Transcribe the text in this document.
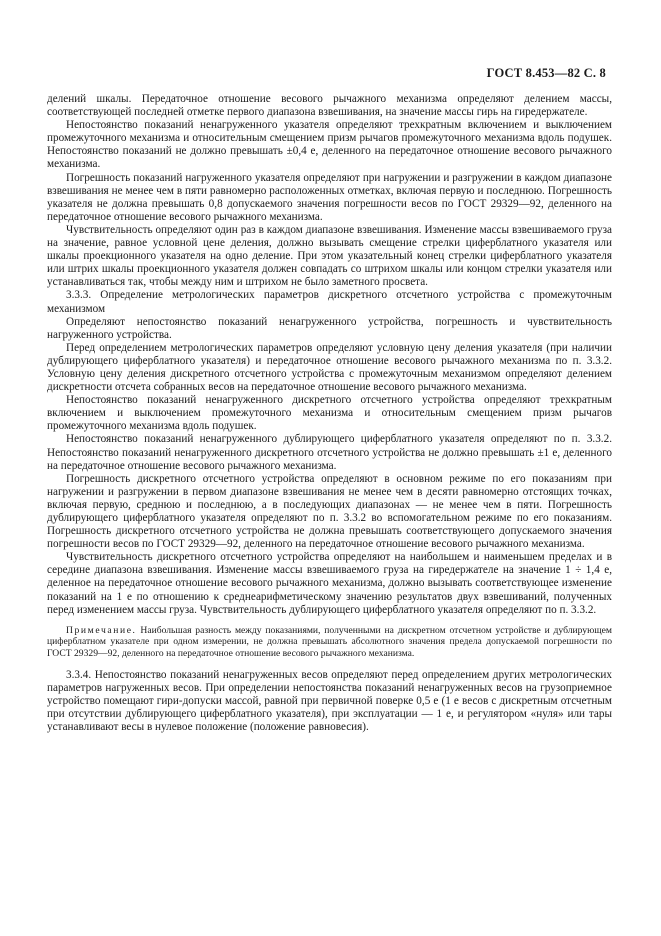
ГОСТ 8.453—82 С. 8

делений шкалы. Передаточное отношение весового рычажного механизма определяют делением массы, соответствующей последней отметке первого диапазона взвешивания, на значение массы гирь на гиредержателе.

Непостоянство показаний ненагруженного указателя определяют трехкратным включением и выключением промежуточного механизма и относительным смещением призм рычагов промежуточного механизма вдоль подушек. Непостоянство показаний не должно превышать ±0,4 е, деленного на передаточное отношение весового рычажного механизма.

Погрешность показаний нагруженного указателя определяют при нагружении и разгружении в каждом диапазоне взвешивания не менее чем в пяти равномерно расположенных отметках, включая первую и последнюю. Погрешность указателя не должна превышать 0,8 допускаемого значения погрешности весов по ГОСТ 29329—92, деленного на передаточное отношение весового рычажного механизма.

Чувствительность определяют один раз в каждом диапазоне взвешивания. Изменение массы взвешиваемого груза на значение, равное условной цене деления, должно вызывать смещение стрелки циферблатного указателя или шкалы проекционного указателя на одно деление. При этом указательный конец стрелки циферблатного указателя или штрих шкалы проекционного указателя должен совпадать со штрихом шкалы или концом стрелки указателя или устанавливаться так, чтобы между ним и штрихом не было заметного просвета.

3.3.3. Определение метрологических параметров дискретного отсчетного устройства с промежуточным механизмом

Определяют непостоянство показаний ненагруженного устройства, погрешность и чувствительность нагруженного устройства.

Перед определением метрологических параметров определяют условную цену деления указателя (при наличии дублирующего циферблатного указателя) и передаточное отношение весового рычажного механизма по п. 3.3.2. Условную цену деления дискретного отсчетного устройства с промежуточным механизмом определяют делением дискретности отсчета собранных весов на передаточное отношение весового рычажного механизма.

Непостоянство показаний ненагруженного дискретного отсчетного устройства определяют трехкратным включением и выключением промежуточного механизма и относительным смещением призм рычагов промежуточного механизма вдоль подушек.

Непостоянство показаний ненагруженного дублирующего циферблатного указателя определяют по п. 3.3.2. Непостоянство показаний ненагруженного дискретного отсчетного устройства не должно превышать ±1 е, деленного на передаточное отношение весового рычажного механизма.

Погрешность дискретного отсчетного устройства определяют в основном режиме по его показаниям при нагружении и разгружении в первом диапазоне взвешивания не менее чем в десяти равномерно отстоящих точках, включая первую, среднюю и последнюю, а в последующих диапазонах — не менее чем в пяти. Погрешность дублирующего циферблатного указателя определяют по п. 3.3.2 во вспомогательном режиме по его показаниям. Погрешность дискретного отсчетного устройства не должна превышать соответствующего допускаемого значения погрешности весов по ГОСТ 29329—92, деленного на передаточное отношение весового рычажного механизма.

Чувствительность дискретного отсчетного устройства определяют на наибольшем и наименьшем пределах и в середине диапазона взвешивания. Изменение массы взвешиваемого груза на гиредержателе на значение 1 ÷ 1,4 е, деленное на передаточное отношение весового рычажного механизма, должно вызывать соответствующее изменение показаний на 1 е по отношению к среднеарифметическому значению результатов двух взвешиваний, полученных перед изменением массы груза. Чувствительность дублирующего циферблатного указателя определяют по п. 3.3.2.

Примечание. Наибольшая разность между показаниями, полученными на дискретном отсчетном устройстве и дублирующем циферблатном указателе при одном измерении, не должна превышать абсолютного значения предела допускаемой погрешности по ГОСТ 29329—92, деленного на передаточное отношение весового рычажного механизма.

3.3.4. Непостоянство показаний ненагруженных весов определяют перед определением других метрологических параметров нагруженных весов. При определении непостоянства показаний ненагруженных весов на грузоприемное устройство помещают гири-допуски массой, равной при первичной поверке 0,5 е (1 е весов с дискретным отсчетным при отсутствии дублирующего циферблатного указателя), при эксплуатации — 1 е, и регулятором «нуля» или тары устанавливают весы в нулевое положение (положение равновесия).
